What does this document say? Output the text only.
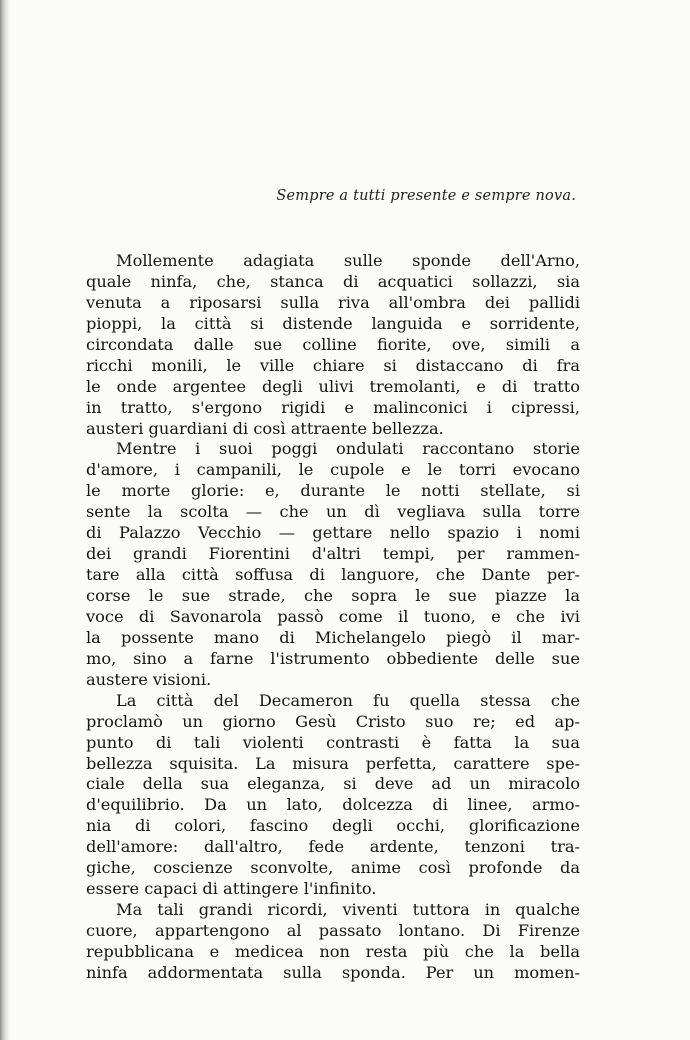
Sempre a tutti presente e sempre nova.

Mollemente adagiata sulle sponde dell'Arno,
quale ninfa, che, stanca di acquatici sollazzi, sia
venuta a riposarsi sulla riva all'ombra dei pallidi
pioppi, la città si distende languida e sorridente,
circondata dalle sue colline fiorite, ove, simili a
ricchi monili, le ville chiare si distaccano di fra
le onde argentee degli ulivi tremolanti, e di tratto
in tratto, s'ergono rigidi e malinconici i cipressi,
austeri guardiani di così attraente bellezza.
Mentre i suoi poggi ondulati raccontano storie
d'amore, i campanili, le cupole e le torri evocano
le morte glorie: e, durante le notti stellate, si
sente la scolta — che un dì vegliava sulla torre
di Palazzo Vecchio — gettare nello spazio i nomi
dei grandi Fiorentini d'altri tempi, per rammen-
tare alla città soffusa di languore, che Dante per-
corse le sue strade, che sopra le sue piazze la
voce di Savonarola passò come il tuono, e che ivi
la possente mano di Michelangelo piegò il mar-
mo, sino a farne l'istrumento obbediente delle sue
austere visioni.
La città del Decameron fu quella stessa che
proclamò un giorno Gesù Cristo suo re; ed ap-
punto di tali violenti contrasti è fatta la sua
bellezza squisita. La misura perfetta, carattere spe-
ciale della sua eleganza, si deve ad un miracolo
d'equilibrio. Da un lato, dolcezza di linee, armo-
nia di colori, fascino degli occhi, glorificazione
dell'amore: dall'altro, fede ardente, tenzoni tra-
giche, coscienze sconvolte, anime così profonde da
essere capaci di attingere l'infinito.
Ma tali grandi ricordi, viventi tuttora in qualche
cuore, appartengono al passato lontano. Di Firenze
repubblicana e medicea non resta più che la bella
ninfa addormentata sulla sponda. Per un momen-
